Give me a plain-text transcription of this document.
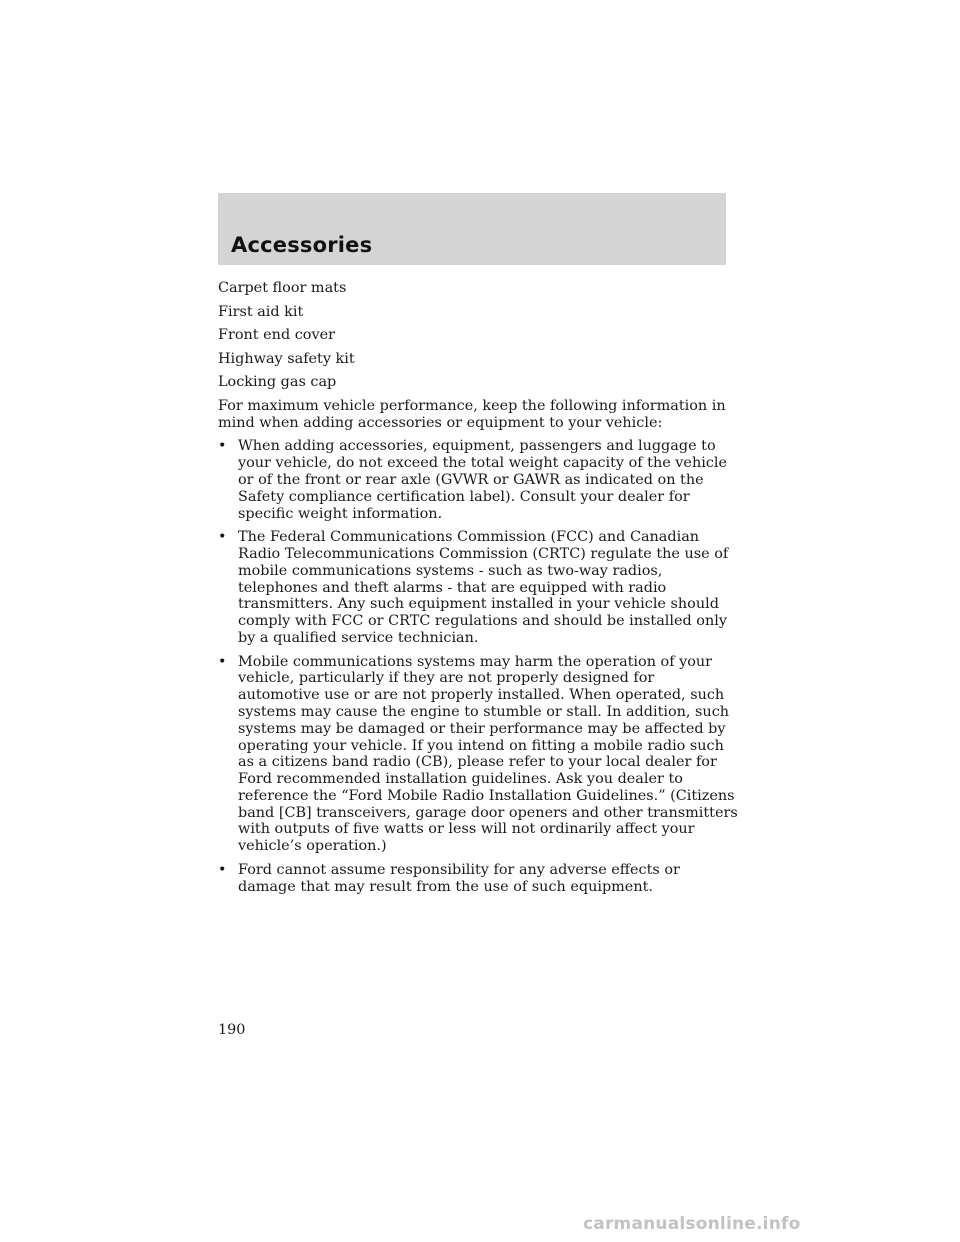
Accessories

Carpet floor mats

First aid kit

Front end cover

Highway safety kit

Locking gas cap

For maximum vehicle performance, keep the following information in mind when adding accessories or equipment to your vehicle:

• When adding accessories, equipment, passengers and luggage to your vehicle, do not exceed the total weight capacity of the vehicle or of the front or rear axle (GVWR or GAWR as indicated on the Safety compliance certification label). Consult your dealer for specific weight information.
• The Federal Communications Commission (FCC) and Canadian Radio Telecommunications Commission (CRTC) regulate the use of mobile communications systems - such as two-way radios, telephones and theft alarms - that are equipped with radio transmitters. Any such equipment installed in your vehicle should comply with FCC or CRTC regulations and should be installed only by a qualified service technician.
• Mobile communications systems may harm the operation of your vehicle, particularly if they are not properly designed for automotive use or are not properly installed. When operated, such systems may cause the engine to stumble or stall. In addition, such systems may be damaged or their performance may be affected by operating your vehicle. If you intend on fitting a mobile radio such as a citizens band radio (CB), please refer to your local dealer for Ford recommended installation guidelines. Ask you dealer to reference the “Ford Mobile Radio Installation Guidelines.” (Citizens band [CB] transceivers, garage door openers and other transmitters with outputs of five watts or less will not ordinarily affect your vehicle’s operation.)
• Ford cannot assume responsibility for any adverse effects or damage that may result from the use of such equipment.
190
carmanualsonline.info
